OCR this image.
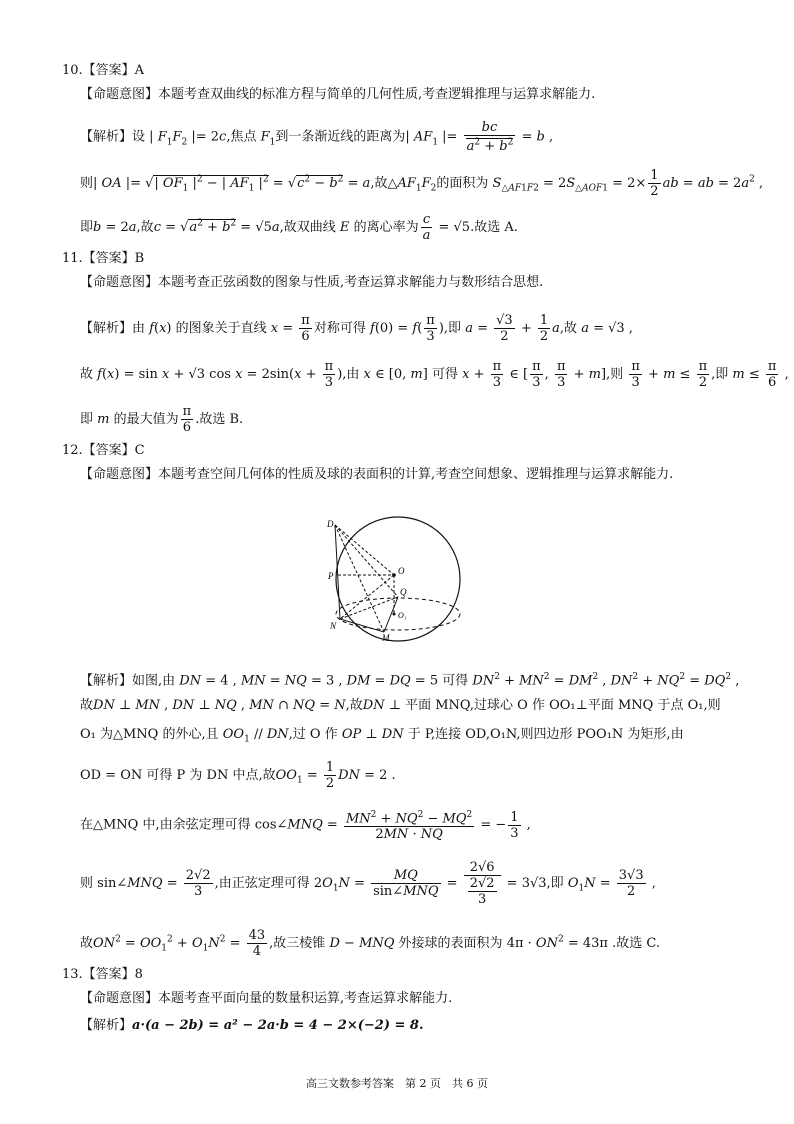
10.【答案】A
【命题意图】本题考查双曲线的标准方程与简单的几何性质,考查逻辑推理与运算求解能力.
【解析】设 | $F_1F_2$ |= 2c,焦点 $F_1$到一条渐近线的距离为| $AF_1$ |= $\frac{bc}{a^2 + b^2} = b$ ,
则| OA |= √| $OF_1$ $|^2$ − | $AF_1$ $|^2 = √c^2 - b^2 = a$,故$\triangle AF_1F_2$的面积为 $S_{\triangle AF1F2} = 2S_{\triangle AOF1} = 2\times \frac{1}{2}$ ab = ab = $2a^2$ ,
即b = 2a,故$c = √a^2 + b^2 = √5a$,故双曲线 E 的离心率为 $\frac{c}{a} = √5$.故选 A.
11.【答案】B
【命题意图】本题考查正弦函数的图象与性质,考查运算求解能力与数形结合思想.
【解析】由 f(x) 的图象关于直线 $x = \frac{\pi}{6}$ 对称可得 $f(0) = f( \frac{\pi}{3}$ ),即 $a = \frac{√3}{2} + \frac{1}{2} a$,故 a = √3 ,
故 f(x) = sin x + √3 $\cos x = 2\sin(x + \frac{\pi}{3}$ ),由 x ∈ [0, m] 可得 $x + \frac{\pi}{3}$ ∈ [ $\frac{\pi}{3}$ , $\frac{\pi}{3} + m$],则 $\frac{\pi}{3} + m \le \frac{\pi}{2}$ ,即 $m \le \frac{\pi}{6}$ ,
即 m 的最大值为 $\frac{\pi}{6}$ .故选 B.
12.【答案】C
【命题意图】本题考查空间几何体的性质及球的表面积的计算,考查空间想象、逻辑推理与运算求解能力.
D
O
P
Q
O₁
N
M
【解析】如图,由 DN = 4 , MN = NQ = 3 , DM = DQ = 5 可得 $DN^2 + MN^2 = DM^2$ , $DN^2 + NQ^2 = DQ^2$ ,
故DN ⊥ MN , DN ⊥ NQ , MN ∩ NQ = N,故DN ⊥ 平面 MNQ,过球心 O 作 OO₁⊥平面 MNQ 于点 O₁,则
O₁ 为△MNQ 的外心,且 $OO_1$ // DN,过 O 作 OP ⊥ DN 于 P,连接 OD,O₁N,则四边形 POO₁N 为矩形,由
OD = ON 可得 P 为 DN 中点,故$OO_1 = \frac{1}{2}$ DN = 2 .
在△MNQ 中,由余弦定理可得 cos∠MNQ = $\frac{MN^2 + NQ^2 - MQ^2}{2MN \cdot NQ}$ = − $\frac{1}{3}$ ,
则 sin∠MNQ = $\frac{2√2}{3}$ ,由正弦定理可得 $2O_1N = \frac{MQ}{\text{sin∠MNQ}} = \frac{2√6}{\frac{2√2}{3}} = 3√3$,即 $O_1N = \frac{3√3}{2}$ ,
故$ON^2 = OO_1^2 + O_1N^2 = \frac{43}{4}$ ,故三棱锥 D − MNQ 外接球的表面积为 $4\pi \cdot ON^2 = 43\pi$ .故选 C.
13.【答案】8
【命题意图】本题考查平面向量的数量积运算,考查运算求解能力.
【解析】a·(a − 2b) = a² − 2a·b = 4 − 2×(−2) = 8.
高三文数参考答案　第 2 页　共 6 页
